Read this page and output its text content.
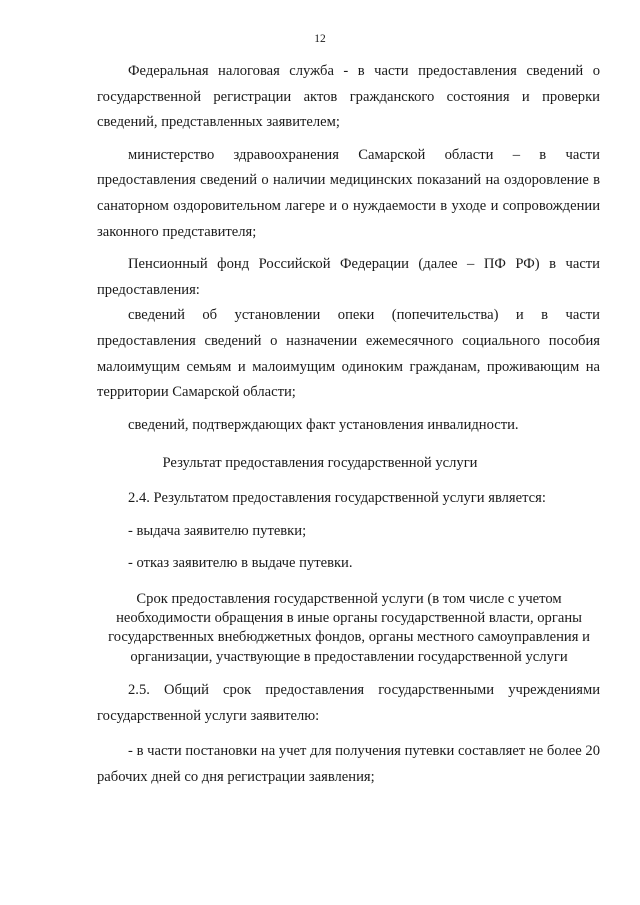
12

Федеральная налоговая служба - в части предоставления сведений о государственной регистрации актов гражданского состояния и проверки сведений, представленных заявителем;

министерство здравоохранения Самарской области – в части предоставления сведений о наличии медицинских показаний на оздоровление в санаторном оздоровительном лагере и о нуждаемости в уходе и сопровождении законного представителя;

Пенсионный фонд Российской Федерации (далее – ПФ РФ) в части предоставления:

сведений об установлении опеки (попечительства) и в части предоставления сведений о назначении ежемесячного социального пособия малоимущим семьям и малоимущим одиноким гражданам, проживающим на территории Самарской области;

сведений, подтверждающих факт установления инвалидности.

Результат предоставления государственной услуги

2.4. Результатом предоставления государственной услуги является:

- выдача заявителю путевки;

- отказ заявителю в выдаче путевки.

Срок предоставления государственной услуги (в том числе с учетом
необходимости обращения в иные органы государственной власти, органы
государственных внебюджетных фондов, органы местного самоуправления и
организации, участвующие в предоставлении государственной услуги

2.5. Общий срок предоставления государственными учреждениями государственной услуги заявителю:

- в части постановки на учет для получения путевки составляет не более 20 рабочих дней со дня регистрации заявления;
